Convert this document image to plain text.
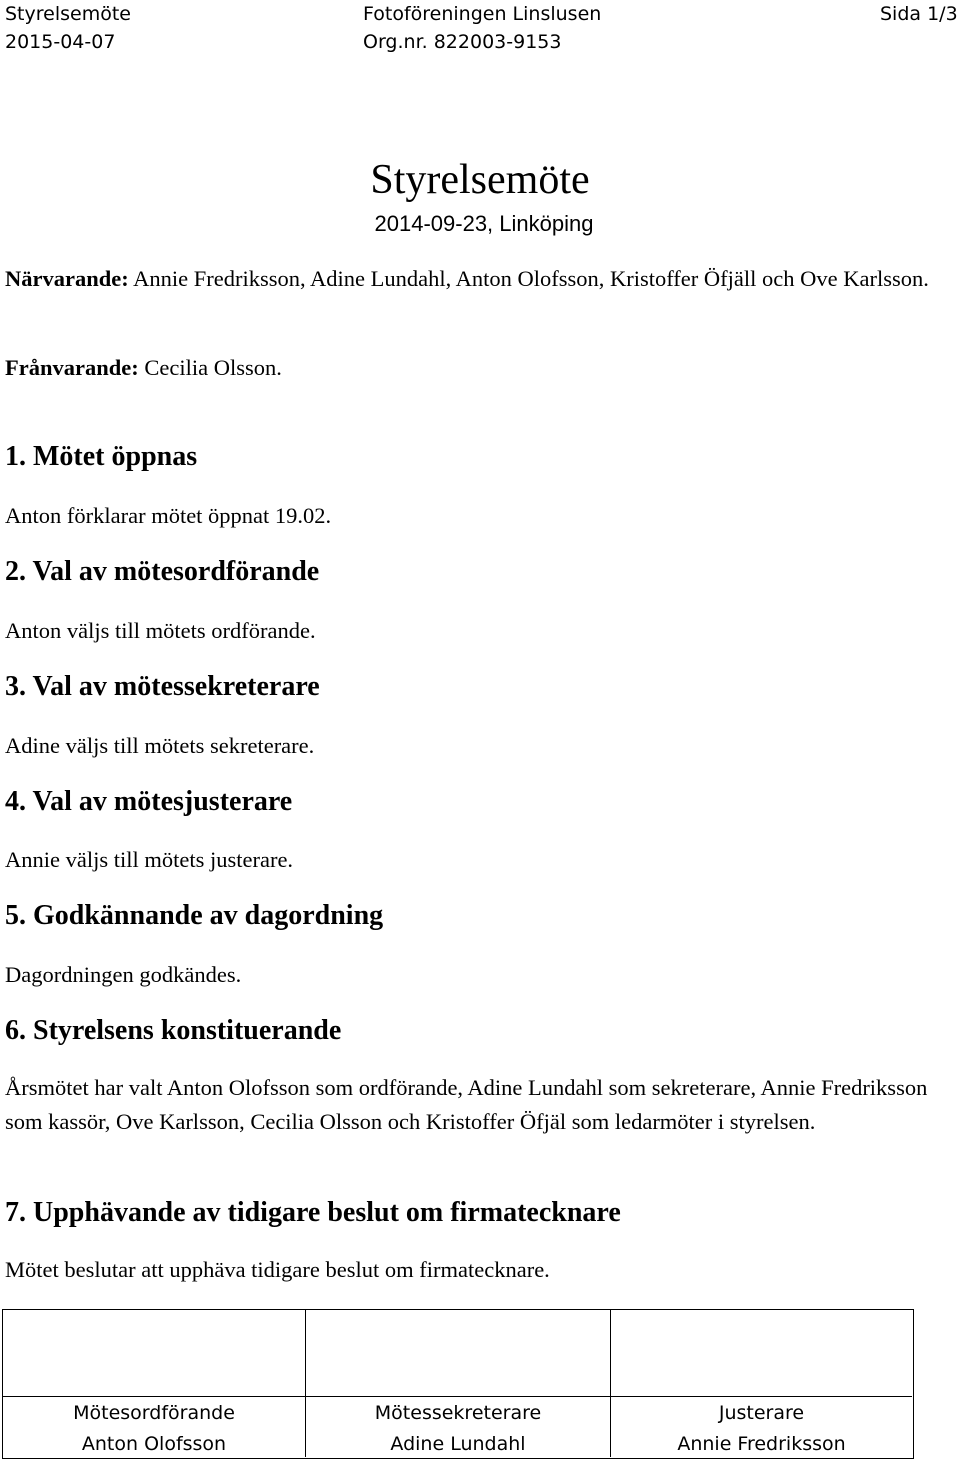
Styrelsemöte
2015-04-07
Fotoföreningen Linslusen
Org.nr. 822003-9153
Sida 1/3
Styrelsemöte
2014-09-23, Linköping
Närvarande: Annie Fredriksson, Adine Lundahl, Anton Olofsson, Kristoffer Öfjäll och Ove Karlsson.
Frånvarande: Cecilia Olsson.
1. Mötet öppnas
Anton förklarar mötet öppnat 19.02.
2. Val av mötesordförande
Anton väljs till mötets ordförande.
3. Val av mötessekreterare
Adine väljs till mötets sekreterare.
4. Val av mötesjusterare
Annie väljs till mötets justerare.
5. Godkännande av dagordning
Dagordningen godkändes.
6. Styrelsens konstituerande
Årsmötet har valt Anton Olofsson som ordförande, Adine Lundahl som sekreterare, Annie Fredriksson som kassör, Ove Karlsson, Cecilia Olsson och Kristoffer Öfjäl som ledarmöter i styrelsen.
7. Upphävande av tidigare beslut om firmatecknare
Mötet beslutar att upphäva tidigare beslut om firmatecknare.
Mötesordförande
Anton Olofsson
Mötessekreterare
Adine Lundahl
Justerare
Annie Fredriksson
